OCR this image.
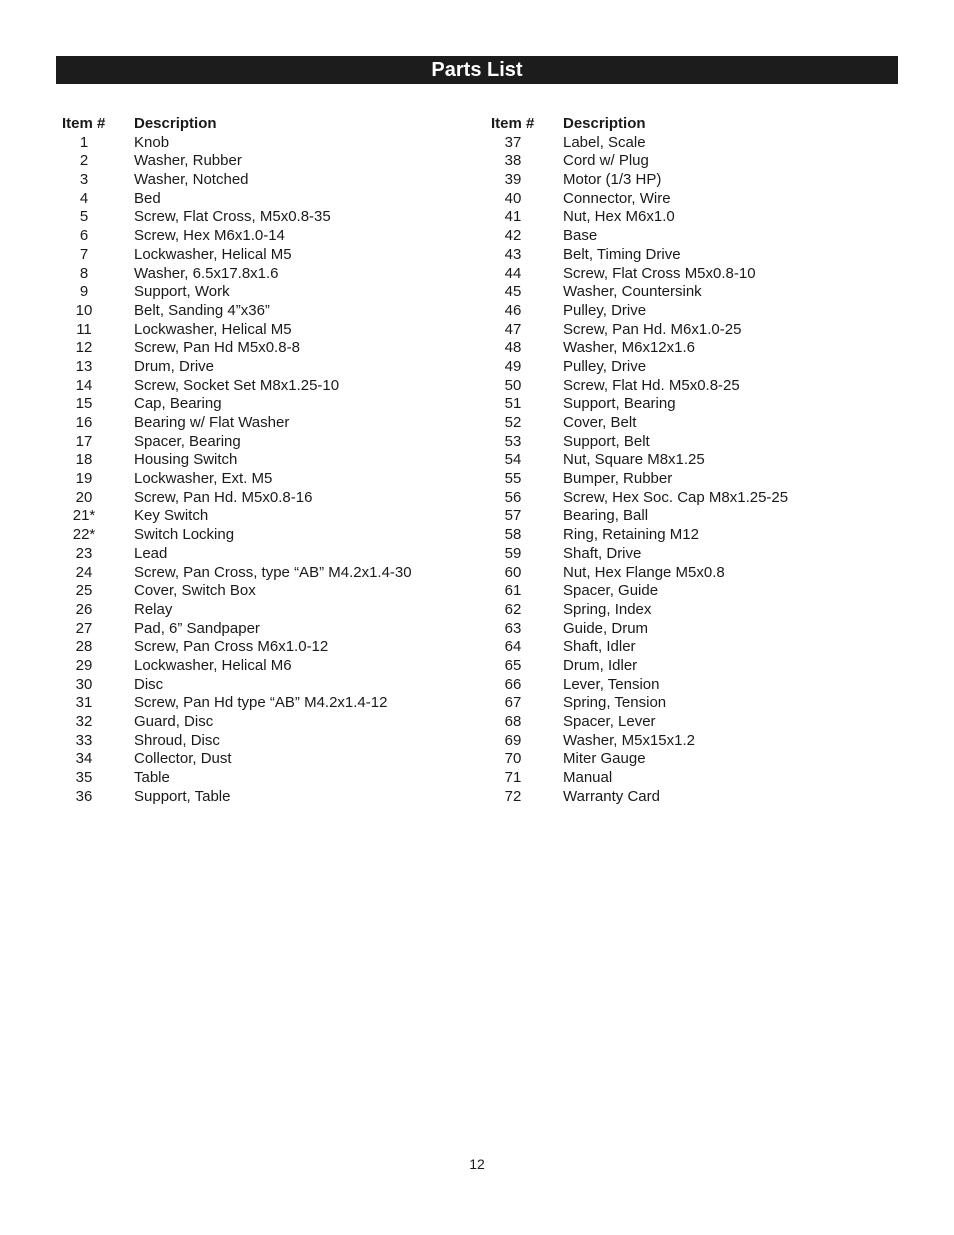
Parts List
Item #	Description
1	Knob
2	Washer, Rubber
3	Washer, Notched
4	Bed
5	Screw, Flat Cross, M5x0.8-35
6	Screw, Hex M6x1.0-14
7	Lockwasher, Helical M5
8	Washer, 6.5x17.8x1.6
9	Support, Work
10	Belt, Sanding 4”x36”
11	Lockwasher, Helical M5
12	Screw, Pan Hd M5x0.8-8
13	Drum, Drive
14	Screw, Socket Set M8x1.25-10
15	Cap, Bearing
16	Bearing w/ Flat Washer
17	Spacer, Bearing
18	Housing Switch
19	Lockwasher, Ext. M5
20	Screw, Pan Hd. M5x0.8-16
21*	Key Switch
22*	Switch Locking
23	Lead
24	Screw, Pan Cross, type “AB” M4.2x1.4-30
25	Cover, Switch Box
26	Relay
27	Pad, 6” Sandpaper
28	Screw, Pan Cross M6x1.0-12
29	Lockwasher, Helical M6
30	Disc
31	Screw, Pan Hd type “AB” M4.2x1.4-12
32	Guard, Disc
33	Shroud, Disc
34	Collector, Dust
35	Table
36	Support, Table
Item #	Description
37	Label, Scale
38	Cord w/ Plug
39	Motor (1/3 HP)
40	Connector, Wire
41	Nut, Hex M6x1.0
42	Base
43	Belt, Timing Drive
44	Screw, Flat Cross M5x0.8-10
45	Washer, Countersink
46	Pulley, Drive
47	Screw, Pan Hd. M6x1.0-25
48	Washer, M6x12x1.6
49	Pulley, Drive
50	Screw, Flat Hd. M5x0.8-25
51	Support, Bearing
52	Cover, Belt
53	Support, Belt
54	Nut, Square M8x1.25
55	Bumper, Rubber
56	Screw, Hex Soc. Cap M8x1.25-25
57	Bearing, Ball
58	Ring, Retaining M12
59	Shaft, Drive
60	Nut, Hex Flange M5x0.8
61	Spacer, Guide
62	Spring, Index
63	Guide, Drum
64	Shaft, Idler
65	Drum, Idler
66	Lever, Tension
67	Spring, Tension
68	Spacer, Lever
69	Washer, M5x15x1.2
70	Miter Gauge
71	Manual
72	Warranty Card
12
